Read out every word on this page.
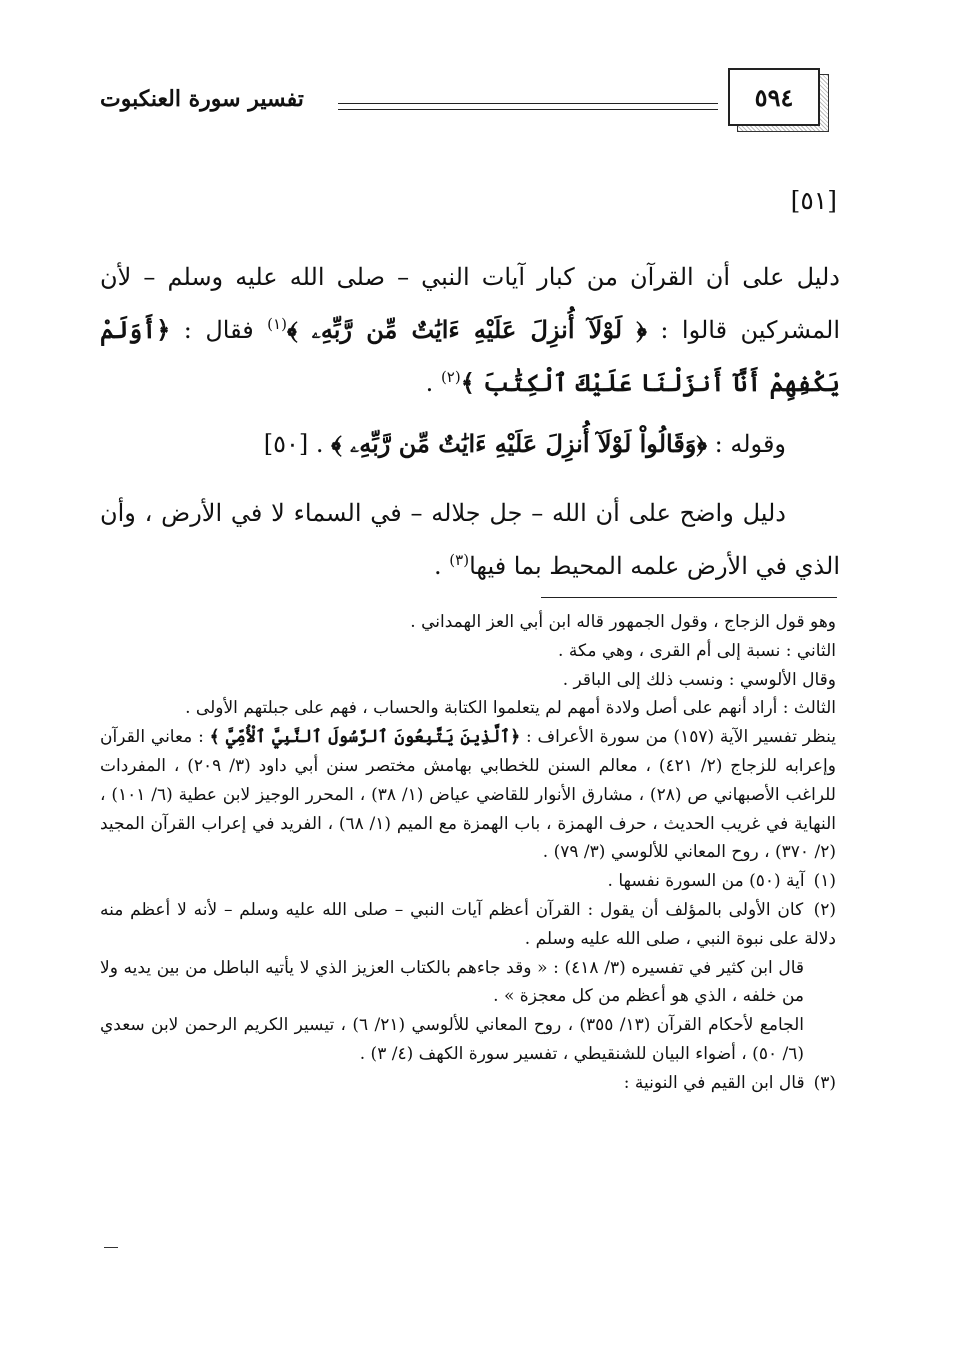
٥٩٤
تفسير سورة العنكبوت
[٥١]
دليل على أن القرآن من كبار آيات النبي – صلى الله عليه وسلم – لأن المشركين قالوا : ﴿ لَوْلَآ أُنزِلَ عَلَيْهِ ءَايَٰتٌ مِّن رَّبِّهِۦ ﴾$^{(١)}$ فقال : ﴿أَوَلَمْ يَكْفِهِمْ أَنَّآ أَنزَلْنَا عَلَيْكَ ٱلْكِتَٰبَ ﴾$^{(٢)}$ .
وقوله : ﴿وَقَالُواْ لَوْلَآ أُنزِلَ عَلَيْهِ ءَايَٰتٌ مِّن رَّبِّهِۦ ﴾ . [٥٠]
دليل واضح على أن الله – جل جلاله – في السماء لا في الأرض ، وأن الذي في الأرض علمه المحيط بما فيها$^{(٣)}$ .

وهو قول الزجاج ، وقول الجمهور قاله ابن أبي العز الهمداني .

الثاني : نسبة إلى أم القرى ، وهي مكة .

وقال الألوسي : ونسب ذلك إلى الباقر .

الثالث : أراد أنهم على أصل ولادة أمهم لم يتعلموا الكتابة والحساب ، فهم على جبلتهم الأولى .

ينظر تفسير الآية (١٥٧) من سورة الأعراف : ﴿ٱلَّذِينَ يَتَّبِعُونَ ٱلرَّسُولَ ٱلنَّبِيَّ ٱلْأُمِّيَّ ﴾ : معاني القرآن وإعرابه للزجاج (٢/ ٤٢١) ، معالم السنن للخطابي بهامش مختصر سنن أبي داود (٣/ ٢٠٩) ، المفردات للراغب الأصبهاني ص (٢٨) ، مشارق الأنوار للقاضي عياض (١/ ٣٨) ، المحرر الوجيز لابن عطية (٦/ ١٠١) ، النهاية في غريب الحديث ، حرف الهمزة ، باب الهمزة مع الميم (١/ ٦٨) ، الفريد في إعراب القرآن المجيد (٢/ ٣٧٠) ، روح المعاني للألوسي (٣/ ٧٩) .

(١) آية (٥٠) من السورة نفسها .

(٢) كان الأولى بالمؤلف أن يقول : القرآن أعظم آيات النبي – صلى الله عليه وسلم – لأنه لا أعظم منه دلالة على نبوة النبي ، صلى الله عليه وسلم .

قال ابن كثير في تفسيره (٣/ ٤١٨) : « وقد جاءهم بالكتاب العزيز الذي لا يأتيه الباطل من بين يديه ولا من خلفه ، الذي هو أعظم من كل معجزة » .

الجامع لأحكام القرآن (١٣/ ٣٥٥) ، روح المعاني للألوسي (٢١/ ٦) ، تيسير الكريم الرحمن لابن سعدي (٦/ ٥٠) ، أضواء البيان للشنقيطي ، تفسير سورة الكهف (٤/ ٣) .

(٣) قال ابن القيم في النونية :
